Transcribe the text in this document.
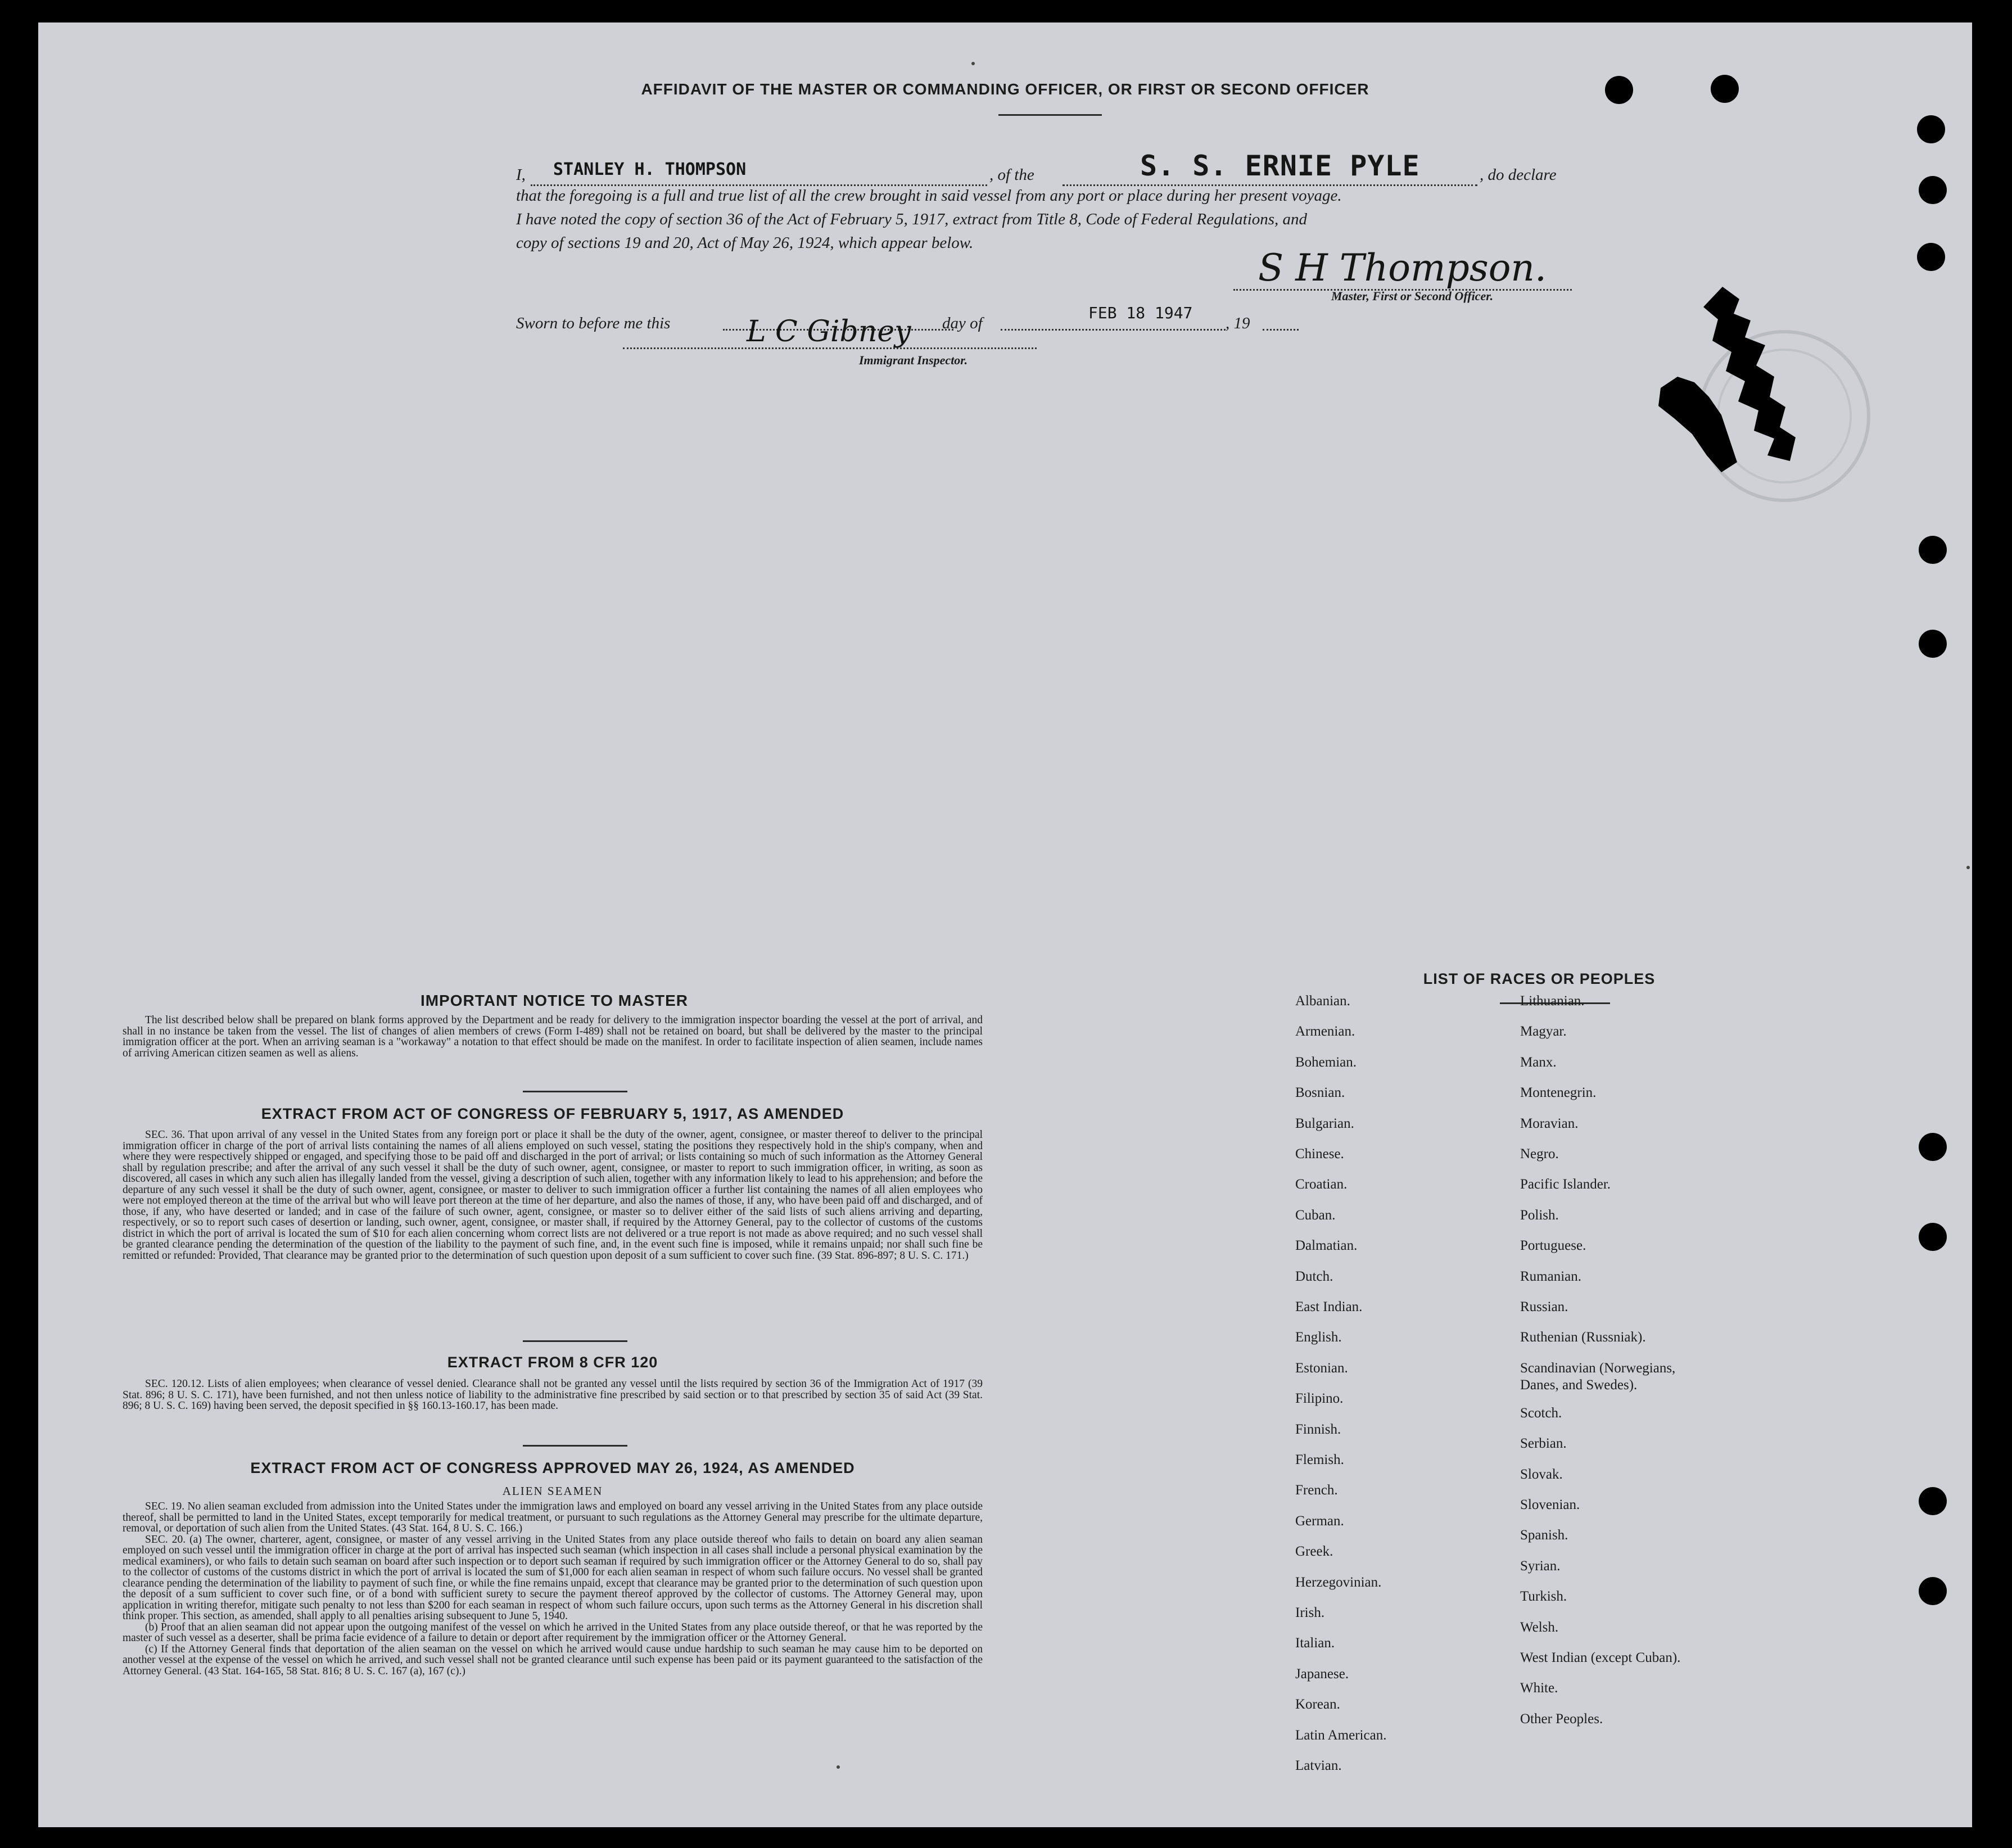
AFFIDAVIT OF THE MASTER OR COMMANDING OFFICER, OR FIRST OR SECOND OFFICER
I, STANLEY H. THOMPSON	, of the	S. S. ERNIE PYLE	, do declare
that the foregoing is a full and true list of all the crew brought in said vessel from any port or place during her present voyage.
I have noted the copy of section 36 of the Act of February 5, 1917, extract from Title 8, Code of Federal Regulations, and
copy of sections 19 and 20, Act of May 26, 1924, which appear below.
S H Thompson.
Master, First or Second Officer.
Sworn to before me this	day of
FEB 18 1947
, 19
L C Gibney
Immigrant Inspector.
IMPORTANT NOTICE TO MASTER

The list described below shall be prepared on blank forms approved by the Department and be ready for delivery to the immigration inspector boarding the vessel at the port of arrival, and shall in no instance be taken from the vessel. The list of changes of alien members of crews (Form I-489) shall not be retained on board, but shall be delivered by the master to the principal immigration officer at the port. When an arriving seaman is a "workaway" a notation to that effect should be made on the manifest. In order to facilitate inspection of alien seamen, include names of arriving American citizen seamen as well as aliens.

EXTRACT FROM ACT OF CONGRESS OF FEBRUARY 5, 1917, AS AMENDED

SEC. 36. That upon arrival of any vessel in the United States from any foreign port or place it shall be the duty of the owner, agent, consignee, or master thereof to deliver to the principal immigration officer in charge of the port of arrival lists containing the names of all aliens employed on such vessel, stating the positions they respectively hold in the ship's company, when and where they were respectively shipped or engaged, and specifying those to be paid off and discharged in the port of arrival; or lists containing so much of such information as the Attorney General shall by regulation prescribe; and after the arrival of any such vessel it shall be the duty of such owner, agent, consignee, or master to report to such immigration officer, in writing, as soon as discovered, all cases in which any such alien has illegally landed from the vessel, giving a description of such alien, together with any information likely to lead to his apprehension; and before the departure of any such vessel it shall be the duty of such owner, agent, consignee, or master to deliver to such immigration officer a further list containing the names of all alien employees who were not employed thereon at the time of the arrival but who will leave port thereon at the time of her departure, and also the names of those, if any, who have been paid off and discharged, and of those, if any, who have deserted or landed; and in case of the failure of such owner, agent, consignee, or master so to deliver either of the said lists of such aliens arriving and departing, respectively, or so to report such cases of desertion or landing, such owner, agent, consignee, or master shall, if required by the Attorney General, pay to the collector of customs of the customs district in which the port of arrival is located the sum of $10 for each alien concerning whom correct lists are not delivered or a true report is not made as above required; and no such vessel shall be granted clearance pending the determination of the question of the liability to the payment of such fine, and, in the event such fine is imposed, while it remains unpaid; nor shall such fine be remitted or refunded: Provided, That clearance may be granted prior to the determination of such question upon deposit of a sum sufficient to cover such fine. (39 Stat. 896-897; 8 U. S. C. 171.)

EXTRACT FROM 8 CFR 120

SEC. 120.12. Lists of alien employees; when clearance of vessel denied. Clearance shall not be granted any vessel until the lists required by section 36 of the Immigration Act of 1917 (39 Stat. 896; 8 U. S. C. 171), have been furnished, and not then unless notice of liability to the administrative fine prescribed by said section or to that prescribed by section 35 of said Act (39 Stat. 896; 8 U. S. C. 169) having been served, the deposit specified in §§ 160.13-160.17, has been made.

EXTRACT FROM ACT OF CONGRESS APPROVED MAY 26, 1924, AS AMENDED
ALIEN SEAMEN

SEC. 19. No alien seaman excluded from admission into the United States under the immigration laws and employed on board any vessel arriving in the United States from any place outside thereof, shall be permitted to land in the United States, except temporarily for medical treatment, or pursuant to such regulations as the Attorney General may prescribe for the ultimate departure, removal, or deportation of such alien from the United States. (43 Stat. 164, 8 U. S. C. 166.)

SEC. 20. (a) The owner, charterer, agent, consignee, or master of any vessel arriving in the United States from any place outside thereof who fails to detain on board any alien seaman employed on such vessel until the immigration officer in charge at the port of arrival has inspected such seaman (which inspection in all cases shall include a personal physical examination by the medical examiners), or who fails to detain such seaman on board after such inspection or to deport such seaman if required by such immigration officer or the Attorney General to do so, shall pay to the collector of customs of the customs district in which the port of arrival is located the sum of $1,000 for each alien seaman in respect of whom such failure occurs. No vessel shall be granted clearance pending the determination of the liability to payment of such fine, or while the fine remains unpaid, except that clearance may be granted prior to the determination of such question upon the deposit of a sum sufficient to cover such fine, or of a bond with sufficient surety to secure the payment thereof approved by the collector of customs. The Attorney General may, upon application in writing therefor, mitigate such penalty to not less than $200 for each seaman in respect of whom such failure occurs, upon such terms as the Attorney General in his discretion shall think proper. This section, as amended, shall apply to all penalties arising subsequent to June 5, 1940.

(b) Proof that an alien seaman did not appear upon the outgoing manifest of the vessel on which he arrived in the United States from any place outside thereof, or that he was reported by the master of such vessel as a deserter, shall be prima facie evidence of a failure to detain or deport after requirement by the immigration officer or the Attorney General.

(c) If the Attorney General finds that deportation of the alien seaman on the vessel on which he arrived would cause undue hardship to such seaman he may cause him to be deported on another vessel at the expense of the vessel on which he arrived, and such vessel shall not be granted clearance until such expense has been paid or its payment guaranteed to the satisfaction of the Attorney General. (43 Stat. 164-165, 58 Stat. 816; 8 U. S. C. 167 (a), 167 (c).)

LIST OF RACES OR PEOPLES
Albanian.
Armenian.
Bohemian.
Bosnian.
Bulgarian.
Chinese.
Croatian.
Cuban.
Dalmatian.
Dutch.
East Indian.
English.
Estonian.
Filipino.
Finnish.
Flemish.
French.
German.
Greek.
Herzegovinian.
Irish.
Italian.
Japanese.
Korean.
Latin American.
Latvian.
Lithuanian.
Magyar.
Manx.
Montenegrin.
Moravian.
Negro.
Pacific Islander.
Polish.
Portuguese.
Rumanian.
Russian.
Ruthenian (Russniak).
Scandinavian (Norwegians,
Danes, and Swedes).
Scotch.
Serbian.
Slovak.
Slovenian.
Spanish.
Syrian.
Turkish.
Welsh.
West Indian (except Cuban).
White.
Other Peoples.
